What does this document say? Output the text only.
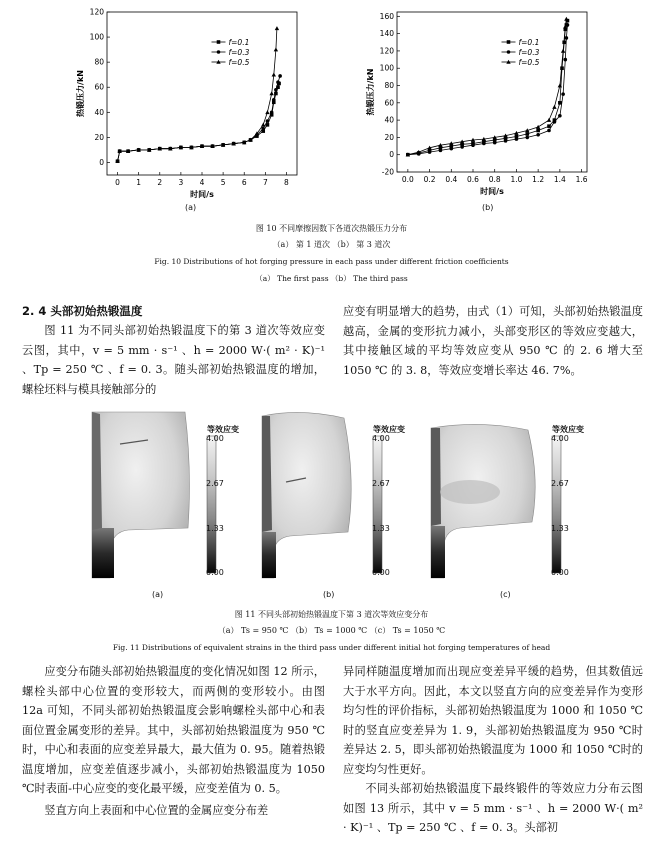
0 1 2 3 4 5 6 7 8
0
20
40
60
80
100
120
时间/s
热锻压力/kN
f=0.1
f=0.3
f=0.5
0.0 0.2 0.4 0.6 0.8 1.0 1.2 1.4 1.6
-20
0
20
40
60
80
100
120
140
160
时间/s
热锻压力/kN
f=0.1
f=0.3
f=0.5
(a)	(b)
图 10 不同摩擦因数下各道次热锻压力分布
（a） 第 1 道次 （b） 第 3 道次
Fig. 10 Distributions of hot forging pressure in each pass under different friction coefficients
（a） The first pass （b） The third pass
2. 4 头部初始热锻温度

图 11 为不同头部初始热锻温度下的第 3 道次等效应变云图，其中，v = 5 mm · s⁻¹ 、h = 2000 W·( m² · K)⁻¹ 、Tp = 250 ℃ 、f = 0. 3。随头部初始热锻温度的增加，螺栓坯料与模具接触部分的

应变有明显增大的趋势，由式（1）可知，头部初始热锻温度越高，金属的变形抗力减小，头部变形区的等效应变越大，其中接触区域的平均等效应变从 950 ℃ 的 2. 6 增大至 1050 ℃ 的 3. 8，等效应变增长率达 46. 7%。

等效应变
4.00
2.67
1.33
0.00
等效应变
4.00
2.67
1.33
0.00
等效应变
4.00
2.67
1.33
0.00
(a)	(b)	(c)
图 11 不同头部初始热锻温度下第 3 道次等效应变分布
（a） Ts = 950 ℃ （b） Ts = 1000 ℃ （c） Ts = 1050 ℃
Fig. 11 Distributions of equivalent strains in the third pass under different initial hot forging temperatures of head

应变分布随头部初始热锻温度的变化情况如图 12 所示，螺栓头部中心位置的变形较大，而两侧的变形较小。由图 12a 可知，不同头部初始热锻温度会影响螺栓头部中心和表面位置金属变形的差异。其中，头部初始热锻温度为 950 ℃时，中心和表面的应变差异最大，最大值为 0. 95。随着热锻温度增加，应变差值逐步减小，头部初始热锻温度为 1050 ℃时表面-中心应变的变化最平缓，应变差值为 0. 5。

竖直方向上表面和中心位置的金属应变分布差

异同样随温度增加而出现应变差异平缓的趋势，但其数值远大于水平方向。因此，本文以竖直方向的应变差异作为变形均匀性的评价指标，头部初始热锻温度为 1000 和 1050 ℃时的竖直应变差异为 1. 9，头部初始热锻温度为 950 ℃时差异达 2. 5，即头部初始热锻温度为 1000 和 1050 ℃时的应变均匀性更好。

不同头部初始热锻温度下最终锻件的等效应力分布云图如图 13 所示，其中 v = 5 mm · s⁻¹ 、h = 2000 W·( m² · K)⁻¹ 、Tp = 250 ℃ 、f = 0. 3。头部初
